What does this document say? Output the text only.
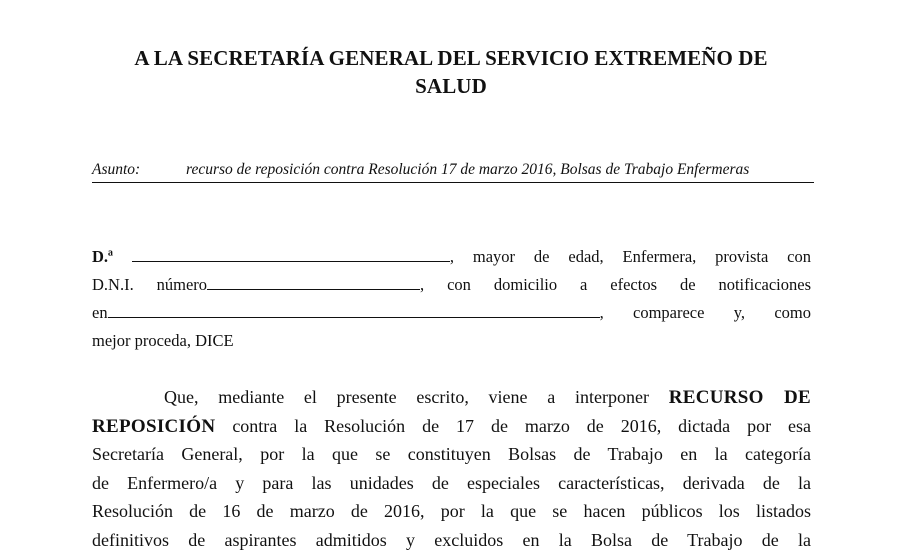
A LA SECRETARÍA GENERAL DEL SERVICIO EXTREMEÑO DE
SALUD
Asunto:	recurso de reposición contra Resolución 17 de marzo 2016, Bolsas de Trabajo Enfermeras
D.ª	, mayor de edad, Enfermera, provista con
D.N.I. número	, con domicilio a efectos de notificaciones
en	, comparece y, como
mejor proceda, DICE
Que, mediante el presente escrito, viene a interponer RECURSO DE
REPOSICIÓN contra la Resolución de 17 de marzo de 2016, dictada por esa
Secretaría General, por la que se constituyen Bolsas de Trabajo en la categoría
de Enfermero/a y para las unidades de especiales características, derivada de la
Resolución de 16 de marzo de 2016, por la que se hacen públicos los listados
definitivos de aspirantes admitidos y excluidos en la Bolsa de Trabajo de la
